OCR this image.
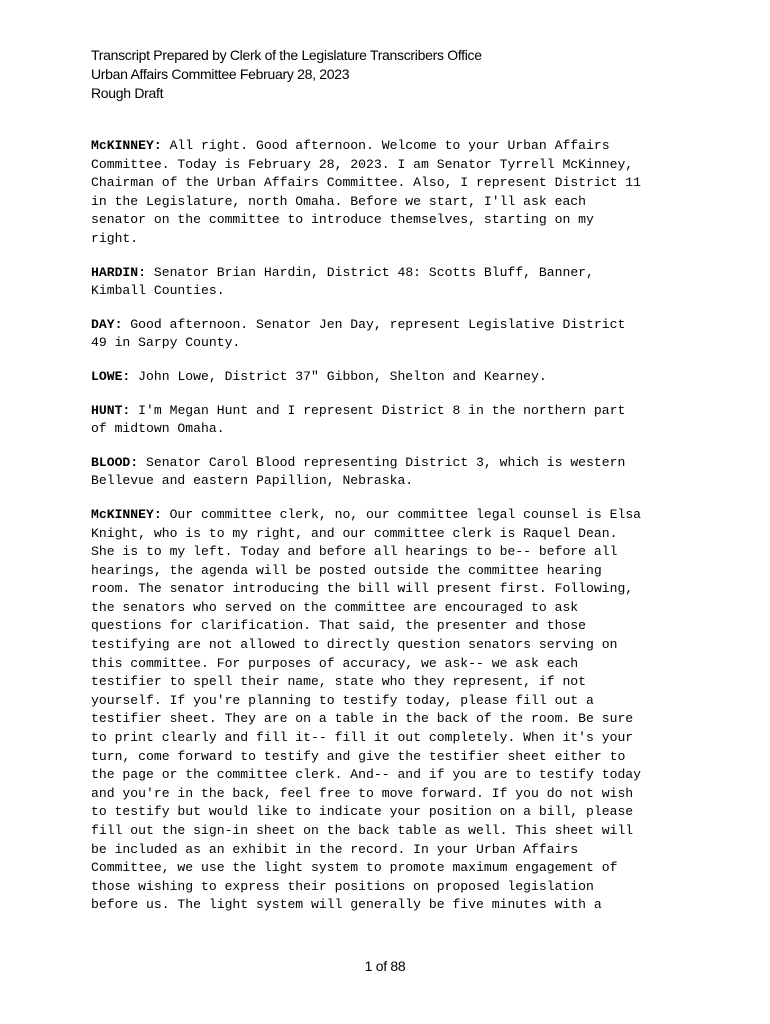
Transcript Prepared by Clerk of the Legislature Transcribers Office
Urban Affairs Committee February 28, 2023
Rough Draft
McKINNEY: All right. Good afternoon. Welcome to your Urban Affairs
Committee. Today is February 28, 2023. I am Senator Tyrrell McKinney,
Chairman of the Urban Affairs Committee. Also, I represent District 11
in the Legislature, north Omaha. Before we start, I'll ask each
senator on the committee to introduce themselves, starting on my
right.
HARDIN: Senator Brian Hardin, District 48: Scotts Bluff, Banner,
Kimball Counties.
DAY: Good afternoon. Senator Jen Day, represent Legislative District
49 in Sarpy County.
LOWE: John Lowe, District 37" Gibbon, Shelton and Kearney.
HUNT: I'm Megan Hunt and I represent District 8 in the northern part
of midtown Omaha.
BLOOD: Senator Carol Blood representing District 3, which is western
Bellevue and eastern Papillion, Nebraska.
McKINNEY: Our committee clerk, no, our committee legal counsel is Elsa
Knight, who is to my right, and our committee clerk is Raquel Dean.
She is to my left. Today and before all hearings to be-- before all
hearings, the agenda will be posted outside the committee hearing
room. The senator introducing the bill will present first. Following,
the senators who served on the committee are encouraged to ask
questions for clarification. That said, the presenter and those
testifying are not allowed to directly question senators serving on
this committee. For purposes of accuracy, we ask-- we ask each
testifier to spell their name, state who they represent, if not
yourself. If you're planning to testify today, please fill out a
testifier sheet. They are on a table in the back of the room. Be sure
to print clearly and fill it-- fill it out completely. When it's your
turn, come forward to testify and give the testifier sheet either to
the page or the committee clerk. And-- and if you are to testify today
and you're in the back, feel free to move forward. If you do not wish
to testify but would like to indicate your position on a bill, please
fill out the sign-in sheet on the back table as well. This sheet will
be included as an exhibit in the record. In your Urban Affairs
Committee, we use the light system to promote maximum engagement of
those wishing to express their positions on proposed legislation
before us. The light system will generally be five minutes with a
1 of 88
